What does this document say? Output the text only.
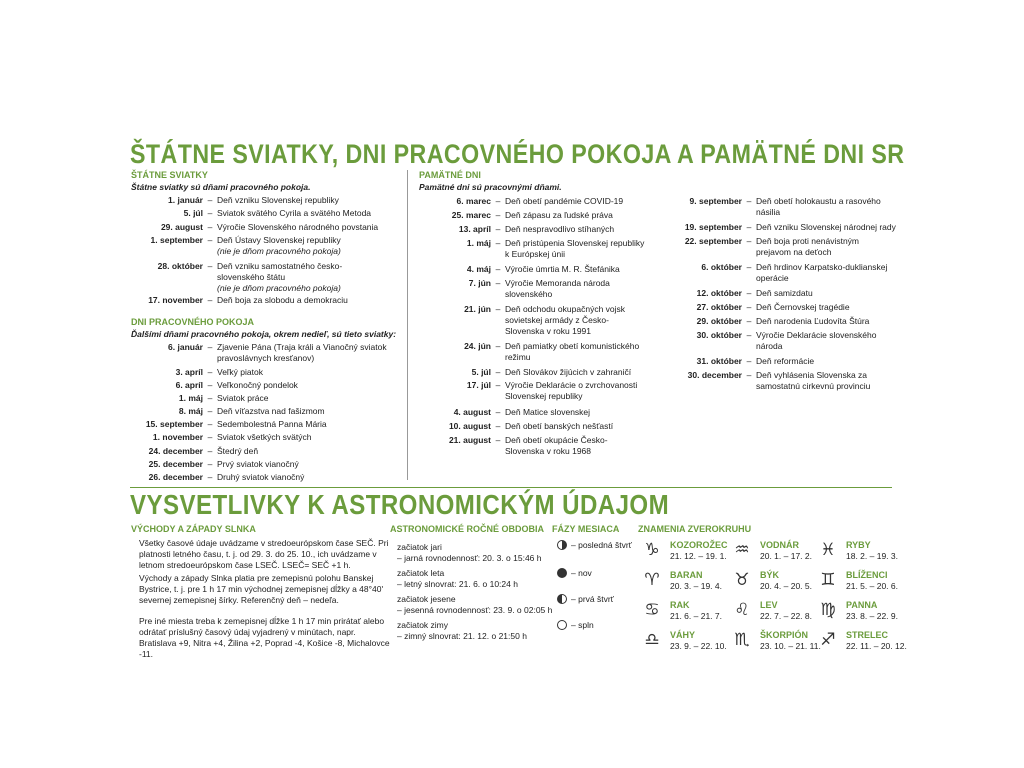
ŠTÁTNE SVIATKY, DNI PRACOVNÉHO POKOJA A PAMÄTNÉ DNI SR
ŠTÁTNE SVIATKY
Štátne sviatky sú dňami pracovného pokoja.
1. január – Deň vzniku Slovenskej republiky
5. júl – Sviatok svätého Cyrila a svätého Metoda
29. august – Výročie Slovenského národného povstania
1. september – Deň Ústavy Slovenskej republiky
(nie je dňom pracovného pokoja)
28. október – Deň vzniku samostatného česko-slovenského štátu
(nie je dňom pracovného pokoja)
17. november – Deň boja za slobodu a demokraciu
DNI PRACOVNÉHO POKOJA
Ďalšími dňami pracovného pokoja, okrem nedieľ, sú tieto sviatky:
6. január – Zjavenie Pána (Traja králi a Vianočný sviatok pravoslávnych kresťanov)
3. apríl – Veľký piatok
6. apríl – Veľkonočný pondelok
1. máj – Sviatok práce
8. máj – Deň víťazstva nad fašizmom
15. september – Sedembolestná Panna Mária
1. november – Sviatok všetkých svätých
24. december – Štedrý deň
25. december – Prvý sviatok vianočný
26. december – Druhý sviatok vianočný
PAMÄTNÉ DNI
Pamätné dni sú pracovnými dňami.
6. marec – Deň obetí pandémie COVID-19
25. marec – Deň zápasu za ľudské práva
13. apríl – Deň nespravodlivo stíhaných
1. máj – Deň pristúpenia Slovenskej republiky k Európskej únii
4. máj – Výročie úmrtia M. R. Štefánika
7. jún – Výročie Memoranda národa slovenského
21. jún – Deň odchodu okupačných vojsk sovietskej armády z Česko-Slovenska v roku 1991
24. jún – Deň pamiatky obetí komunistického režimu
5. júl – Deň Slovákov žijúcich v zahraničí
17. júl – Výročie Deklarácie o zvrchovanosti Slovenskej republiky
4. august – Deň Matice slovenskej
10. august – Deň obetí banských nešťastí
21. august – Deň obetí okupácie Česko-Slovenska v roku 1968
9. september – Deň obetí holokaustu a rasového násilia
19. september – Deň vzniku Slovenskej národnej rady
22. september – Deň boja proti nenávistným prejavom na deťoch
6. október – Deň hrdinov Karpatsko-duklianskej operácie
12. október – Deň samizdatu
27. október – Deň Černovskej tragédie
29. október – Deň narodenia Ľudovíta Štúra
30. október – Výročie Deklarácie slovenského národa
31. október – Deň reformácie
30. december – Deň vyhlásenia Slovenska za samostatnú cirkevnú provinciu
VYSVETLIVKY K ASTRONOMICKÝM ÚDAJOM
VÝCHODY A ZÁPADY SLNKA
Všetky časové údaje uvádzame v stredoeurópskom čase SEČ. Pri platnosti letného času, t. j. od 29. 3. do 25. 10., ich uvádzame v letnom stredoeurópskom čase LSEČ. LSEČ= SEČ +1 h.
Východy a západy Slnka platia pre zemepisnú polohu Banskej Bystrice, t. j. pre 1 h 17 min východnej zemepisnej dĺžky a 48°40' severnej zemepisnej šírky. Referenčný deň – nedeľa.
Pre iné miesta treba k zemepisnej dĺžke 1 h 17 min prirátať alebo odrátať príslušný časový údaj vyjadrený v minútach, napr. Bratislava +9, Nitra +4, Žilina +2, Poprad -4, Košice -8, Michalovce -11.
ASTRONOMICKÉ ROČNÉ OBDOBIA
začiatok jari
– jarná rovnodennosť: 20. 3. o 15:46 h
začiatok leta
– letný slnovrat: 21. 6. o 10:24 h
začiatok jesene
– jesenná rovnodennosť: 23. 9. o 02:05 h
začiatok zimy
– zimný slnovrat: 21. 12. o 21:50 h
FÁZY MESIACA
– posledná štvrť
– nov
– prvá štvrť
– spln
ZNAMENIA ZVEROKRUHU
♑ KOZOROŽEC
21. 12. – 19. 1. ♒ VODNÁR
20. 1. – 17. 2. ♓ RYBY
18. 2. – 19. 3.
♈ BARAN
20. 3. – 19. 4. ♉ BÝK
20. 4. – 20. 5. ♊ BLÍŽENCI
21. 5. – 20. 6.
♋ RAK
21. 6. – 21. 7. ♌ LEV
22. 7. – 22. 8. ♍ PANNA
23. 8. – 22. 9.
♎ VÁHY
23. 9. – 22. 10. ♏ ŠKORPIÓN
23. 10. – 21. 11. ♐ STRELEC
22. 11. – 20. 12.
